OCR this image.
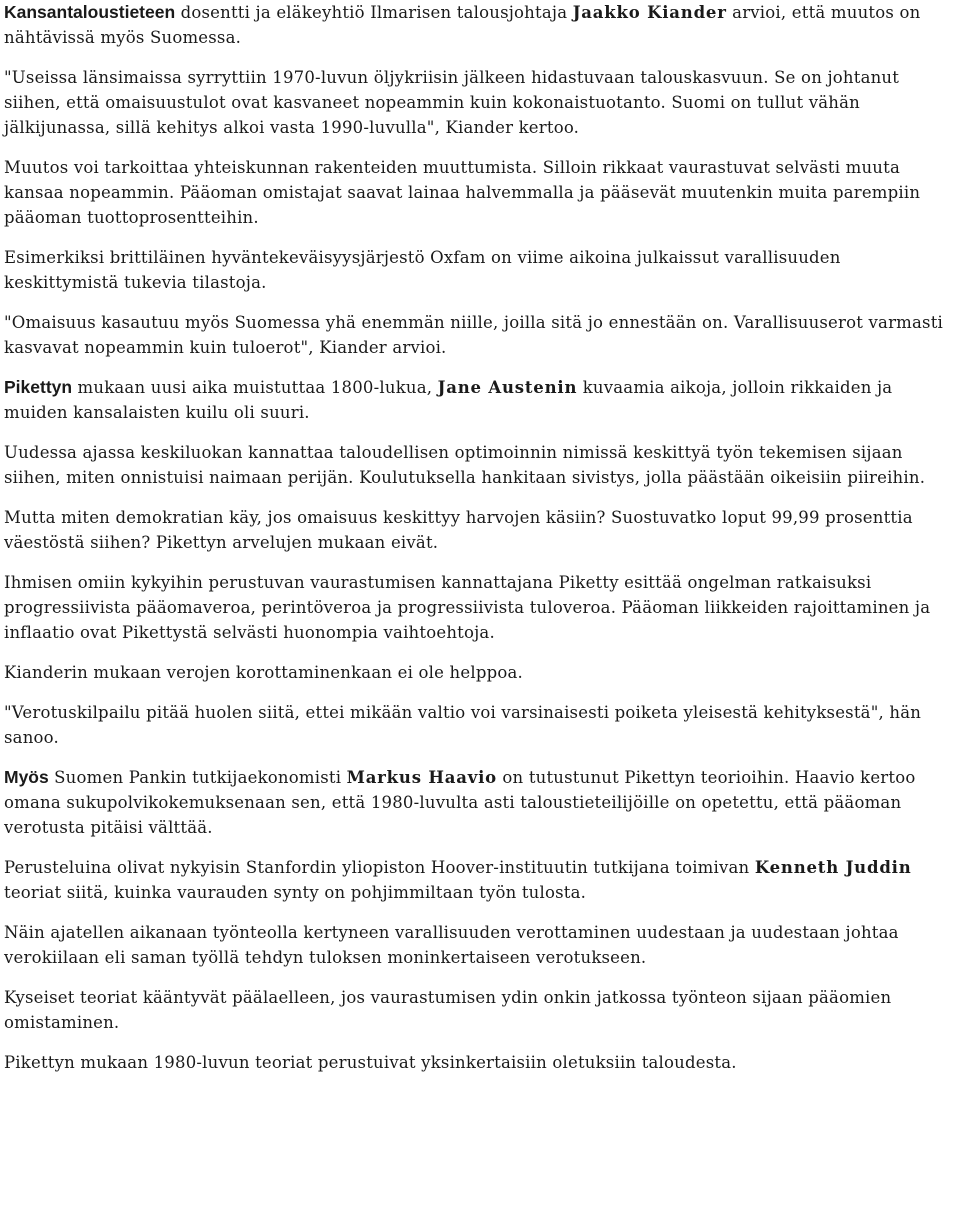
Kansantaloustieteen dosentti ja eläkeyhtiö Ilmarisen talousjohtaja Jaakko Kiander arvioi, että muutos on nähtävissä myös Suomessa.

"Useissa länsimaissa syrryttiin 1970-luvun öljykriisin jälkeen hidastuvaan talouskasvuun. Se on johtanut siihen, että omaisuustulot ovat kasvaneet nopeammin kuin kokonaistuotanto. Suomi on tullut vähän jälkijunassa, sillä kehitys alkoi vasta 1990-luvulla", Kiander kertoo.

Muutos voi tarkoittaa yhteiskunnan rakenteiden muuttumista. Silloin rikkaat vaurastuvat selvästi muuta kansaa nopeammin. Pääoman omistajat saavat lainaa halvemmalla ja pääsevät muutenkin muita parempiin pääoman tuottoprosentteihin.

Esimerkiksi brittiläinen hyväntekeväisyysjärjestö Oxfam on viime aikoina julkaissut varallisuuden keskittymistä tukevia tilastoja.

"Omaisuus kasautuu myös Suomessa yhä enemmän niille, joilla sitä jo ennestään on. Varallisuuserot varmasti kasvavat nopeammin kuin tuloerot", Kiander arvioi.

Pikettyn mukaan uusi aika muistuttaa 1800-lukua, Jane Austenin kuvaamia aikoja, jolloin rikkaiden ja muiden kansalaisten kuilu oli suuri.

Uudessa ajassa keskiluokan kannattaa taloudellisen optimoinnin nimissä keskittyä työn tekemisen sijaan siihen, miten onnistuisi naimaan perijän. Koulutuksella hankitaan sivistys, jolla päästään oikeisiin piireihin.

Mutta miten demokratian käy, jos omaisuus keskittyy harvojen käsiin? Suostuvatko loput 99,99 prosenttia väestöstä siihen? Pikettyn arvelujen mukaan eivät.

Ihmisen omiin kykyihin perustuvan vaurastumisen kannattajana Piketty esittää ongelman ratkaisuksi progressiivista pääomaveroa, perintöveroa ja progressiivista tuloveroa. Pääoman liikkeiden rajoittaminen ja inflaatio ovat Pikettystä selvästi huonompia vaihtoehtoja.

Kianderin mukaan verojen korottaminenkaan ei ole helppoa.

"Verotuskilpailu pitää huolen siitä, ettei mikään valtio voi varsinaisesti poiketa yleisestä kehityksestä", hän sanoo.

Myös Suomen Pankin tutkijaekonomisti Markus Haavio on tutustunut Pikettyn teorioihin. Haavio kertoo omana sukupolvikokemuksenaan sen, että 1980-luvulta asti taloustieteilijöille on opetettu, että pääoman verotusta pitäisi välttää.

Perusteluina olivat nykyisin Stanfordin yliopiston Hoover-instituutin tutkijana toimivan Kenneth Juddin teoriat siitä, kuinka vaurauden synty on pohjimmiltaan työn tulosta.

Näin ajatellen aikanaan työnteolla kertyneen varallisuuden verottaminen uudestaan ja uudestaan johtaa verokiilaan eli saman työllä tehdyn tuloksen moninkertaiseen verotukseen.

Kyseiset teoriat kääntyvät päälaelleen, jos vaurastumisen ydin onkin jatkossa työnteon sijaan pääomien omistaminen.

Pikettyn mukaan 1980-luvun teoriat perustuivat yksinkertaisiin oletuksiin taloudesta.
